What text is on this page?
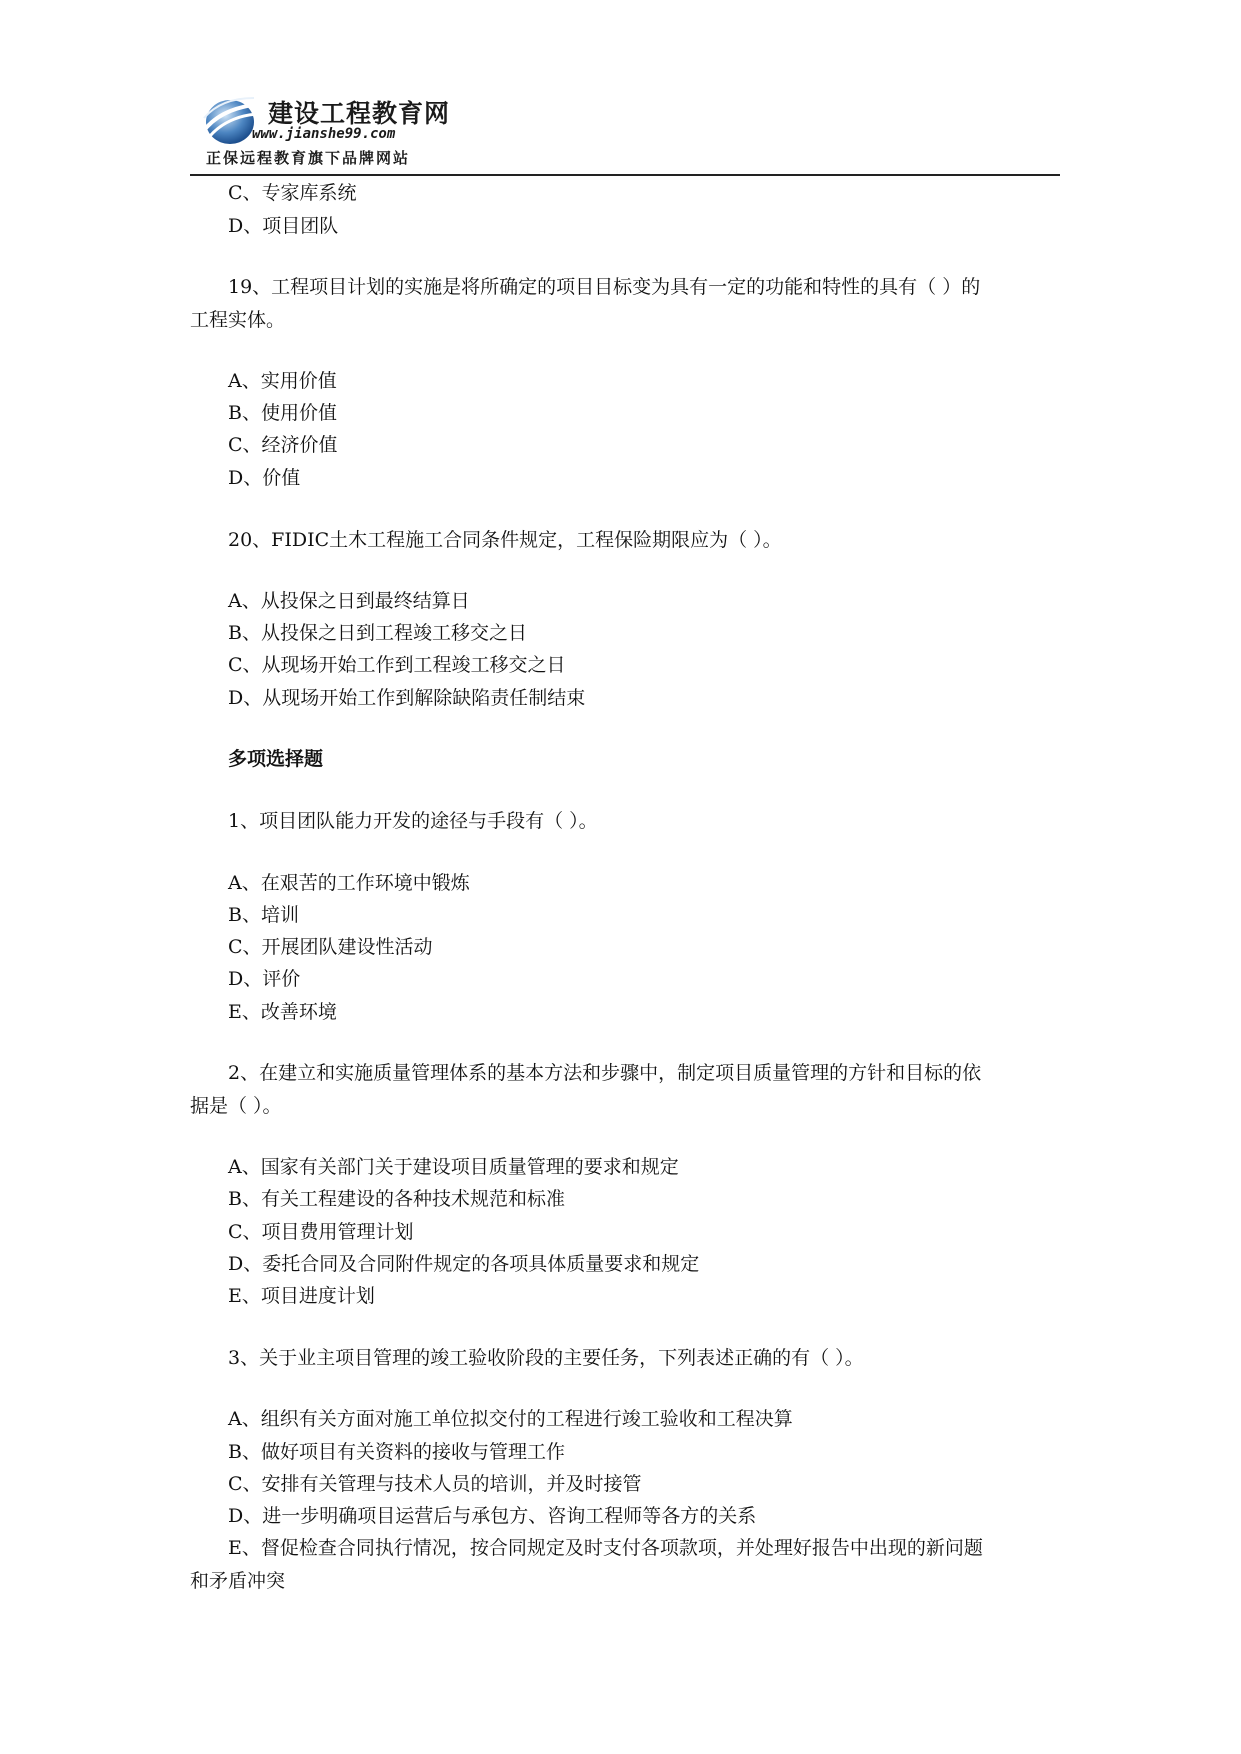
建设工程教育网
www.jianshe99.com
正保远程教育旗下品牌网站
C、专家库系统
D、项目团队
19、工程项目计划的实施是将所确定的项目目标变为具有一定的功能和特性的具有（ ）的
工程实体。
A、实用价值
B、使用价值
C、经济价值
D、价值
20、FIDIC土木工程施工合同条件规定，工程保险期限应为（ ）。
A、从投保之日到最终结算日
B、从投保之日到工程竣工移交之日
C、从现场开始工作到工程竣工移交之日
D、从现场开始工作到解除缺陷责任制结束
多项选择题
1、项目团队能力开发的途径与手段有（ ）。
A、在艰苦的工作环境中锻炼
B、培训
C、开展团队建设性活动
D、评价
E、改善环境
2、在建立和实施质量管理体系的基本方法和步骤中，制定项目质量管理的方针和目标的依
据是（ ）。
A、国家有关部门关于建设项目质量管理的要求和规定
B、有关工程建设的各种技术规范和标准
C、项目费用管理计划
D、委托合同及合同附件规定的各项具体质量要求和规定
E、项目进度计划
3、关于业主项目管理的竣工验收阶段的主要任务，下列表述正确的有（ ）。
A、组织有关方面对施工单位拟交付的工程进行竣工验收和工程决算
B、做好项目有关资料的接收与管理工作
C、安排有关管理与技术人员的培训，并及时接管
D、进一步明确项目运营后与承包方、咨询工程师等各方的关系
E、督促检查合同执行情况，按合同规定及时支付各项款项，并处理好报告中出现的新问题
和矛盾冲突
